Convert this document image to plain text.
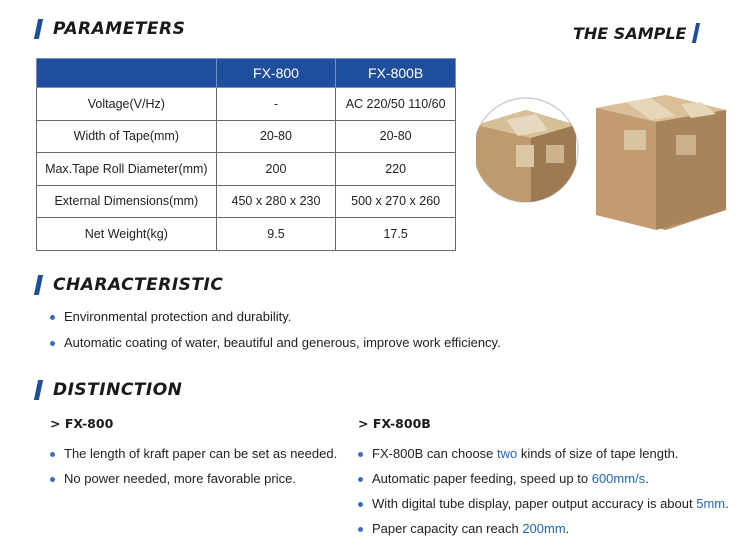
PARAMETERS	THE SAMPLE
	FX-800	FX-800B
Voltage(V/Hz)	-	AC 220/50 110/60
Width of Tape(mm)	20-80	20-80
Max.Tape Roll Diameter(mm)	200	220
External Dimensions(mm)	450 x 280 x 230	500 x 270 x 260
Net Weight(kg)	9.5	17.5
CHARACTERISTIC
Environmental protection and durability.
Automatic coating of water, beautiful and generous, improve work efficiency.
DISTINCTION
> FX-800
The length of kraft paper can be set as needed.
No power needed, more favorable price.
> FX-800B
FX-800B can choose two kinds of size of tape length.
Automatic paper feeding, speed up to 600mm/s.
With digital tube display, paper output accuracy is about 5mm.
Paper capacity can reach 200mm.
